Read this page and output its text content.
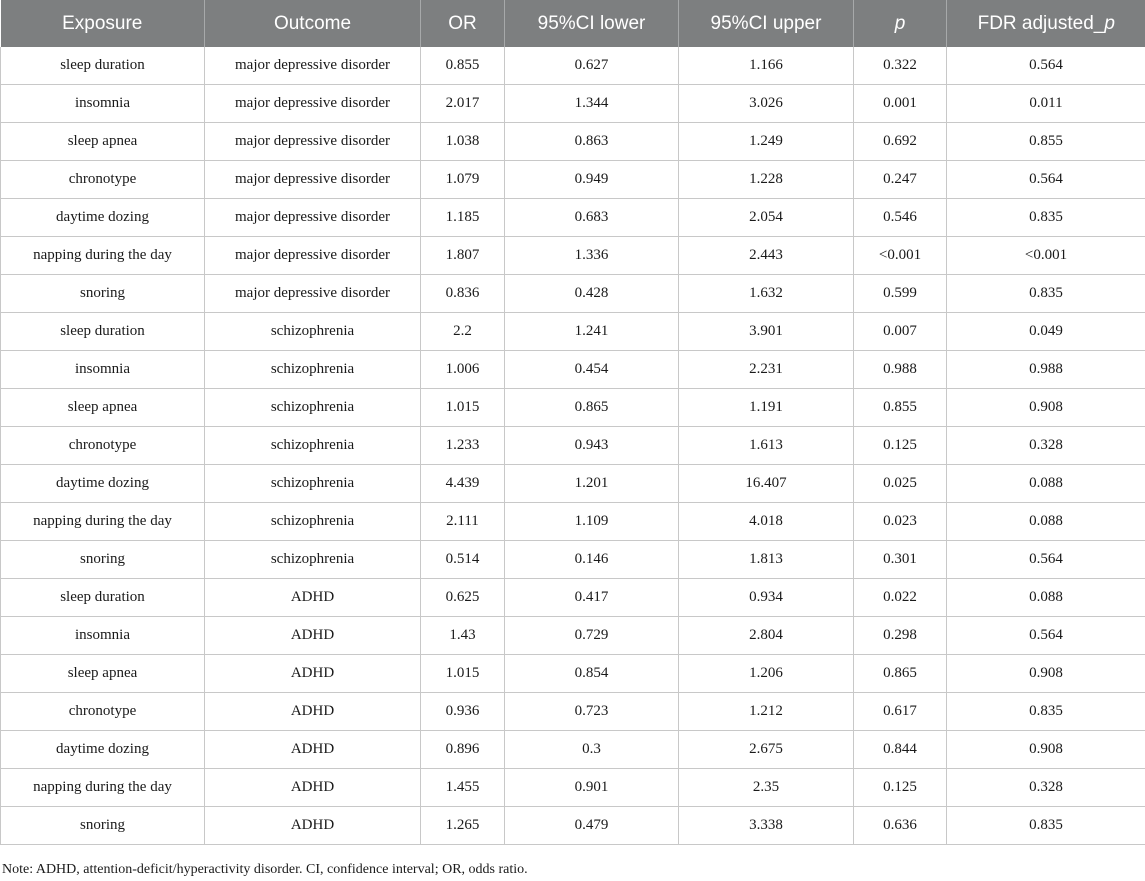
Exposure	Outcome	OR	95%CI lower	95%CI upper	p	FDR adjusted_p
sleep duration	major depressive disorder	0.855	0.627	1.166	0.322	0.564
insomnia	major depressive disorder	2.017	1.344	3.026	0.001	0.011
sleep apnea	major depressive disorder	1.038	0.863	1.249	0.692	0.855
chronotype	major depressive disorder	1.079	0.949	1.228	0.247	0.564
daytime dozing	major depressive disorder	1.185	0.683	2.054	0.546	0.835
napping during the day	major depressive disorder	1.807	1.336	2.443	<0.001	<0.001
snoring	major depressive disorder	0.836	0.428	1.632	0.599	0.835
sleep duration	schizophrenia	2.2	1.241	3.901	0.007	0.049
insomnia	schizophrenia	1.006	0.454	2.231	0.988	0.988
sleep apnea	schizophrenia	1.015	0.865	1.191	0.855	0.908
chronotype	schizophrenia	1.233	0.943	1.613	0.125	0.328
daytime dozing	schizophrenia	4.439	1.201	16.407	0.025	0.088
napping during the day	schizophrenia	2.111	1.109	4.018	0.023	0.088
snoring	schizophrenia	0.514	0.146	1.813	0.301	0.564
sleep duration	ADHD	0.625	0.417	0.934	0.022	0.088
insomnia	ADHD	1.43	0.729	2.804	0.298	0.564
sleep apnea	ADHD	1.015	0.854	1.206	0.865	0.908
chronotype	ADHD	0.936	0.723	1.212	0.617	0.835
daytime dozing	ADHD	0.896	0.3	2.675	0.844	0.908
napping during the day	ADHD	1.455	0.901	2.35	0.125	0.328
snoring	ADHD	1.265	0.479	3.338	0.636	0.835
Note: ADHD, attention-deficit/hyperactivity disorder. CI, confidence interval; OR, odds ratio.
